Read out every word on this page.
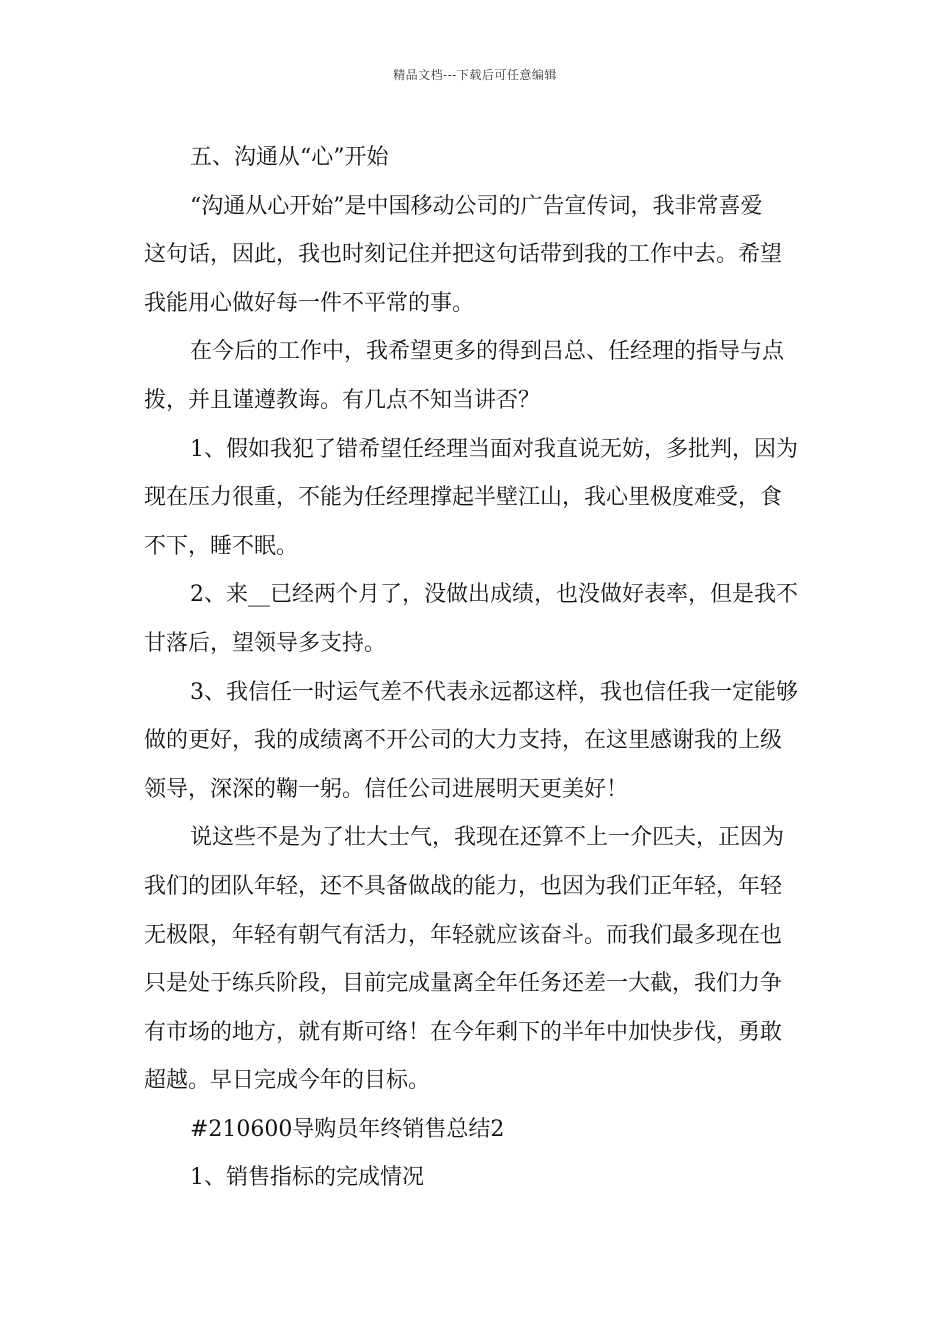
精品文档---下载后可任意编辑
五、沟通从“心”开始
“沟通从心开始”是中国移动公司的广告宣传词，我非常喜爱
这句话，因此，我也时刻记住并把这句话带到我的工作中去。希望
我能用心做好每一件不平常的事。
在今后的工作中，我希望更多的得到吕总、任经理的指导与点
拨，并且谨遵教诲。有几点不知当讲否？
1、假如我犯了错希望任经理当面对我直说无妨，多批判，因为
现在压力很重，不能为任经理撑起半壁江山，我心里极度难受，食
不下，睡不眠。
2、来__已经两个月了，没做出成绩，也没做好表率，但是我不
甘落后，望领导多支持。
3、我信任一时运气差不代表永远都这样，我也信任我一定能够
做的更好，我的成绩离不开公司的大力支持，在这里感谢我的上级
领导，深深的鞠一躬。信任公司进展明天更美好！
说这些不是为了壮大士气，我现在还算不上一介匹夫，正因为
我们的团队年轻，还不具备做战的能力，也因为我们正年轻，年轻
无极限，年轻有朝气有活力，年轻就应该奋斗。而我们最多现在也
只是处于练兵阶段，目前完成量离全年任务还差一大截，我们力争
有市场的地方，就有斯可络！在今年剩下的半年中加快步伐，勇敢
超越。早日完成今年的目标。
#210600导购员年终销售总结2
1、销售指标的完成情况
